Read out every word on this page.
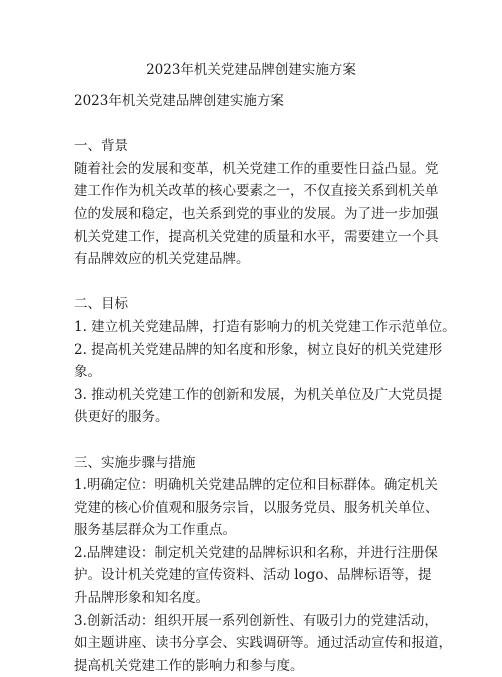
2023年机关党建品牌创建实施方案
2023年机关党建品牌创建实施方案
一、背景
随着社会的发展和变革，机关党建工作的重要性日益凸显。党
建工作作为机关改革的核心要素之一，不仅直接关系到机关单
位的发展和稳定，也关系到党的事业的发展。为了进一步加强
机关党建工作，提高机关党建的质量和水平，需要建立一个具
有品牌效应的机关党建品牌。
二、目标
1. 建立机关党建品牌，打造有影响力的机关党建工作示范单位。
2. 提高机关党建品牌的知名度和形象，树立良好的机关党建形
象。
3. 推动机关党建工作的创新和发展，为机关单位及广大党员提
供更好的服务。
三、实施步骤与措施
1.明确定位：明确机关党建品牌的定位和目标群体。确定机关
党建的核心价值观和服务宗旨，以服务党员、服务机关单位、
服务基层群众为工作重点。
2.品牌建设：制定机关党建的品牌标识和名称，并进行注册保
护。设计机关党建的宣传资料、活动 logo、品牌标语等，提
升品牌形象和知名度。
3.创新活动：组织开展一系列创新性、有吸引力的党建活动，
如主题讲座、读书分享会、实践调研等。通过活动宣传和报道，
提高机关党建工作的影响力和参与度。
